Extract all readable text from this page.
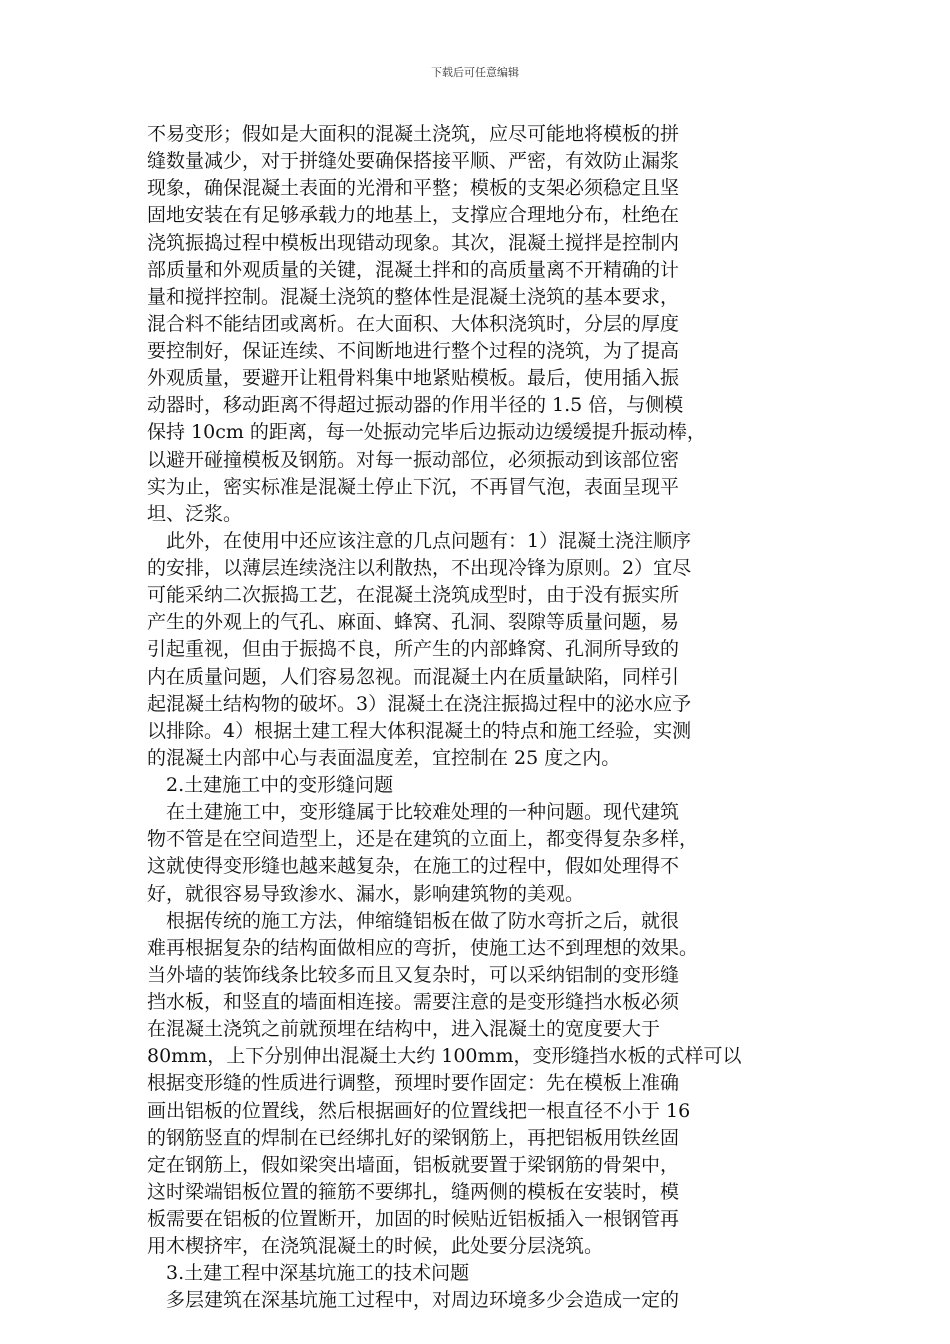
下载后可任意编辑
不易变形；假如是大面积的混凝土浇筑，应尽可能地将模板的拼
缝数量减少，对于拼缝处要确保搭接平顺、严密，有效防止漏浆
现象，确保混凝土表面的光滑和平整；模板的支架必须稳定且坚
固地安装在有足够承载力的地基上，支撑应合理地分布，杜绝在
浇筑振捣过程中模板出现错动现象。其次，混凝土搅拌是控制内
部质量和外观质量的关键，混凝土拌和的高质量离不开精确的计
量和搅拌控制。混凝土浇筑的整体性是混凝土浇筑的基本要求，
混合料不能结团或离析。在大面积、大体积浇筑时，分层的厚度
要控制好，保证连续、不间断地进行整个过程的浇筑，为了提高
外观质量，要避开让粗骨料集中地紧贴模板。最后，使用插入振
动器时，移动距离不得超过振动器的作用半径的 1.5 倍，与侧模
保持 10cm 的距离，每一处振动完毕后边振动边缓缓提升振动棒，
以避开碰撞模板及钢筋。对每一振动部位，必须振动到该部位密
实为止，密实标准是混凝土停止下沉，不再冒气泡，表面呈现平
坦、泛浆。
　此外，在使用中还应该注意的几点问题有：1）混凝土浇注顺序
的安排，以薄层连续浇注以利散热，不出现冷锋为原则。2）宜尽
可能采纳二次振捣工艺，在混凝土浇筑成型时，由于没有振实所
产生的外观上的气孔、麻面、蜂窝、孔洞、裂隙等质量问题，易
引起重视，但由于振捣不良，所产生的内部蜂窝、孔洞所导致的
内在质量问题，人们容易忽视。而混凝土内在质量缺陷，同样引
起混凝土结构物的破坏。3）混凝土在浇注振捣过程中的泌水应予
以排除。4）根据土建工程大体积混凝土的特点和施工经验，实测
的混凝土内部中心与表面温度差，宜控制在 25 度之内。
　2.土建施工中的变形缝问题
　在土建施工中，变形缝属于比较难处理的一种问题。现代建筑
物不管是在空间造型上，还是在建筑的立面上，都变得复杂多样，
这就使得变形缝也越来越复杂，在施工的过程中，假如处理得不
好，就很容易导致渗水、漏水，影响建筑物的美观。
　根据传统的施工方法，伸缩缝铝板在做了防水弯折之后，就很
难再根据复杂的结构面做相应的弯折，使施工达不到理想的效果。
当外墙的装饰线条比较多而且又复杂时，可以采纳铝制的变形缝
挡水板，和竖直的墙面相连接。需要注意的是变形缝挡水板必须
在混凝土浇筑之前就预埋在结构中，进入混凝土的宽度要大于
80mm，上下分别伸出混凝土大约 100mm，变形缝挡水板的式样可以
根据变形缝的性质进行调整，预埋时要作固定：先在模板上准确
画出铝板的位置线，然后根据画好的位置线把一根直径不小于 16
的钢筋竖直的焊制在已经绑扎好的梁钢筋上，再把铝板用铁丝固
定在钢筋上，假如梁突出墙面，铝板就要置于梁钢筋的骨架中，
这时梁端铝板位置的箍筋不要绑扎，缝两侧的模板在安装时，模
板需要在铝板的位置断开，加固的时候贴近铝板插入一根钢管再
用木楔挤牢，在浇筑混凝土的时候，此处要分层浇筑。
　3.土建工程中深基坑施工的技术问题
　多层建筑在深基坑施工过程中，对周边环境多少会造成一定的
